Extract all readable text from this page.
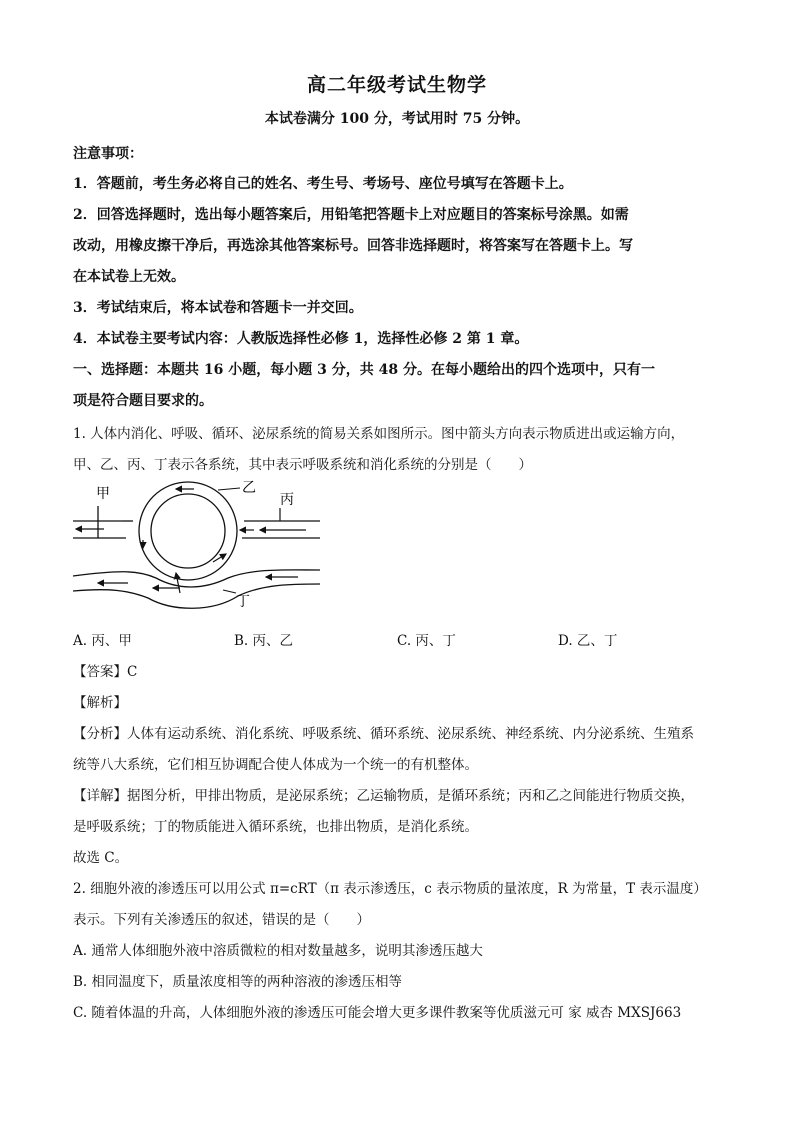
高二年级考试生物学
本试卷满分 100 分，考试用时 75 分钟。
注意事项：
1．答题前，考生务必将自己的姓名、考生号、考场号、座位号填写在答题卡上。
2．回答选择题时，选出每小题答案后，用铅笔把答题卡上对应题目的答案标号涂黑。如需
改动，用橡皮擦干净后，再选涂其他答案标号。回答非选择题时，将答案写在答题卡上。写
在本试卷上无效。
3．考试结束后，将本试卷和答题卡一并交回。
4．本试卷主要考试内容：人教版选择性必修 1，选择性必修 2 第 1 章。
一、选择题：本题共 16 小题，每小题 3 分，共 48 分。在每小题给出的四个选项中，只有一
项是符合题目要求的。
1. 人体内消化、呼吸、循环、泌尿系统的简易关系如图所示。图中箭头方向表示物质进出或运输方向，
甲、乙、丙、丁表示各系统，其中表示呼吸系统和消化系统的分别是（　　）
甲	乙
丙
丁
A. 丙、甲	B. 丙、乙	C. 丙、丁	D. 乙、丁
【答案】C
【解析】
【分析】人体有运动系统、消化系统、呼吸系统、循环系统、泌尿系统、神经系统、内分泌系统、生殖系
统等八大系统，它们相互协调配合使人体成为一个统一的有机整体。
【详解】据图分析，甲排出物质，是泌尿系统；乙运输物质，是循环系统；丙和乙之间能进行物质交换，
是呼吸系统；丁的物质能进入循环系统，也排出物质，是消化系统。
故选 C。
2. 细胞外液的渗透压可以用公式 π=cRT（π 表示渗透压，c 表示物质的量浓度，R 为常量，T 表示温度）
表示。下列有关渗透压的叙述，错误的是（　　）
A. 通常人体细胞外液中溶质微粒的相对数量越多，说明其渗透压越大
B. 相同温度下，质量浓度相等的两种溶液的渗透压相等
C. 随着体温的升高，人体细胞外液的渗透压可能会增大更多课件教案等优质滋元可 家 威杏 MXSJ663
